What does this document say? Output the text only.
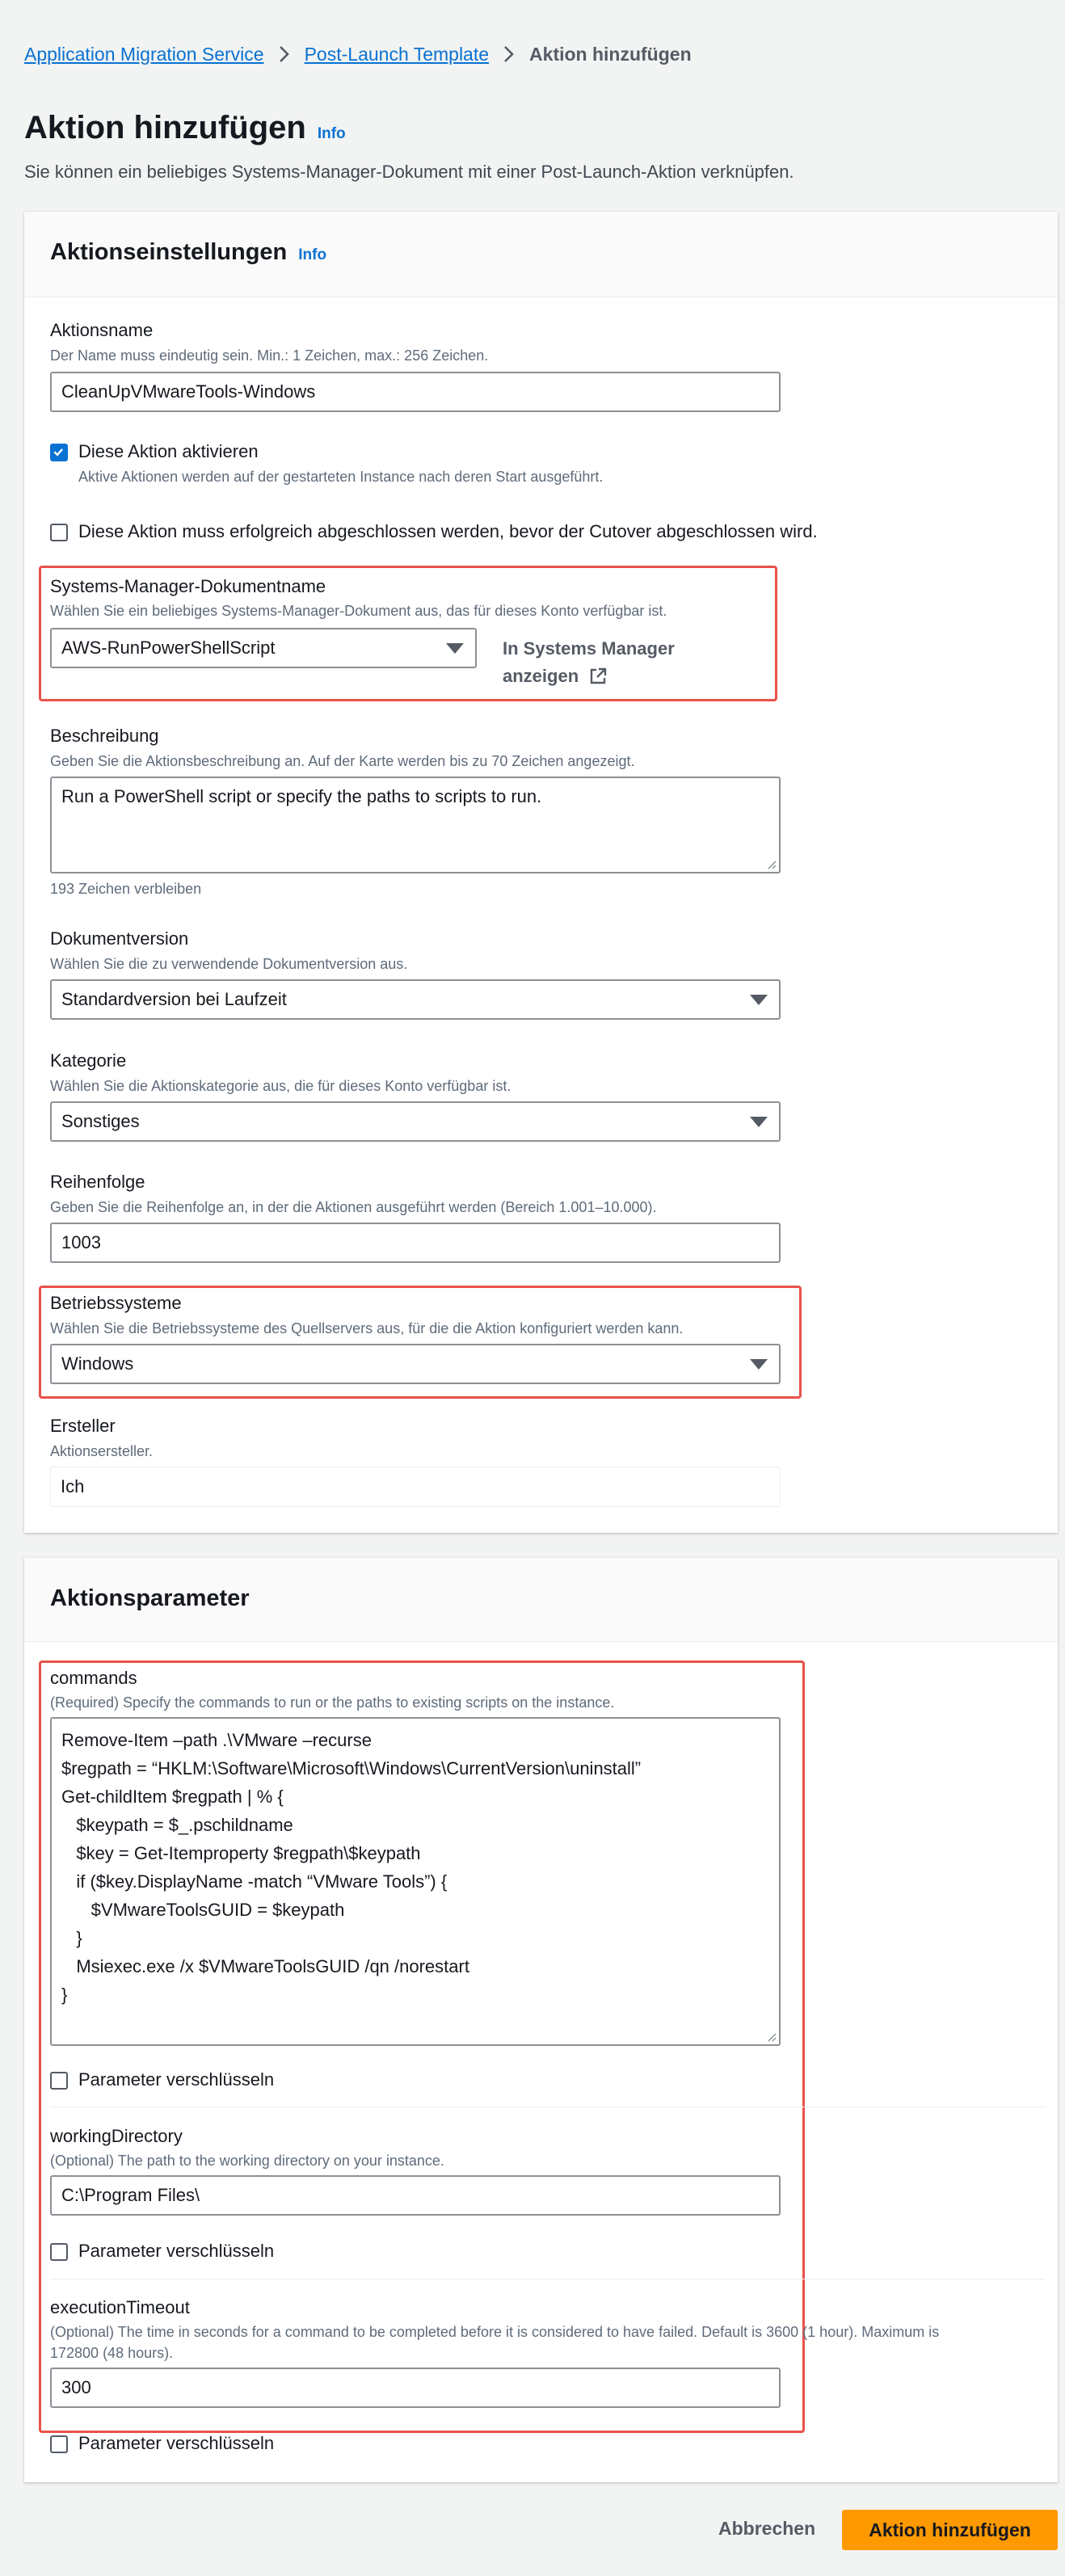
Application Migration Service Post-Launch Template Aktion hinzufügen
Aktion hinzufügen Info
Sie können ein beliebiges Systems-Manager-Dokument mit einer Post-Launch-Aktion verknüpfen.
Aktionseinstellungen Info
Aktionsname
Der Name muss eindeutig sein. Min.: 1 Zeichen, max.: 256 Zeichen.
CleanUpVMwareTools-Windows
Diese Aktion aktivieren
Aktive Aktionen werden auf der gestarteten Instance nach deren Start ausgeführt.
Diese Aktion muss erfolgreich abgeschlossen werden, bevor der Cutover abgeschlossen wird.
Systems-Manager-Dokumentname
Wählen Sie ein beliebiges Systems-Manager-Dokument aus, das für dieses Konto verfügbar ist.
AWS-RunPowerShellScript	In Systems Manager
anzeigen
Beschreibung
Geben Sie die Aktionsbeschreibung an. Auf der Karte werden bis zu 70 Zeichen angezeigt.
Run a PowerShell script or specify the paths to scripts to run.
193 Zeichen verbleiben
Dokumentversion
Wählen Sie die zu verwendende Dokumentversion aus.
Standardversion bei Laufzeit
Kategorie
Wählen Sie die Aktionskategorie aus, die für dieses Konto verfügbar ist.
Sonstiges
Reihenfolge
Geben Sie die Reihenfolge an, in der die Aktionen ausgeführt werden (Bereich 1.001–10.000).
1003
Betriebssysteme
Wählen Sie die Betriebssysteme des Quellservers aus, für die die Aktion konfiguriert werden kann.
Windows
Ersteller
Aktionsersteller.
Ich
Aktionsparameter
commands
(Required) Specify the commands to run or the paths to existing scripts on the instance.
Remove-Item –path .\VMware –recurse
$regpath = “HKLM:\Software\Microsoft\Windows\CurrentVersion\uninstall”
Get-childItem $regpath | % {
$keypath = $_.pschildname
$key = Get-Itemproperty $regpath\$keypath
if ($key.DisplayName -match “VMware Tools”) {
$VMwareToolsGUID = $keypath
}
Msiexec.exe /x $VMwareToolsGUID /qn /norestart
}
Parameter verschlüsseln
workingDirectory
(Optional) The path to the working directory on your instance.
C:\Program Files\
Parameter verschlüsseln
executionTimeout
(Optional) The time in seconds for a command to be completed before it is considered to have failed. Default is 3600 (1 hour). Maximum is
172800 (48 hours).
300
Parameter verschlüsseln
Abbrechen	Aktion hinzufügen
